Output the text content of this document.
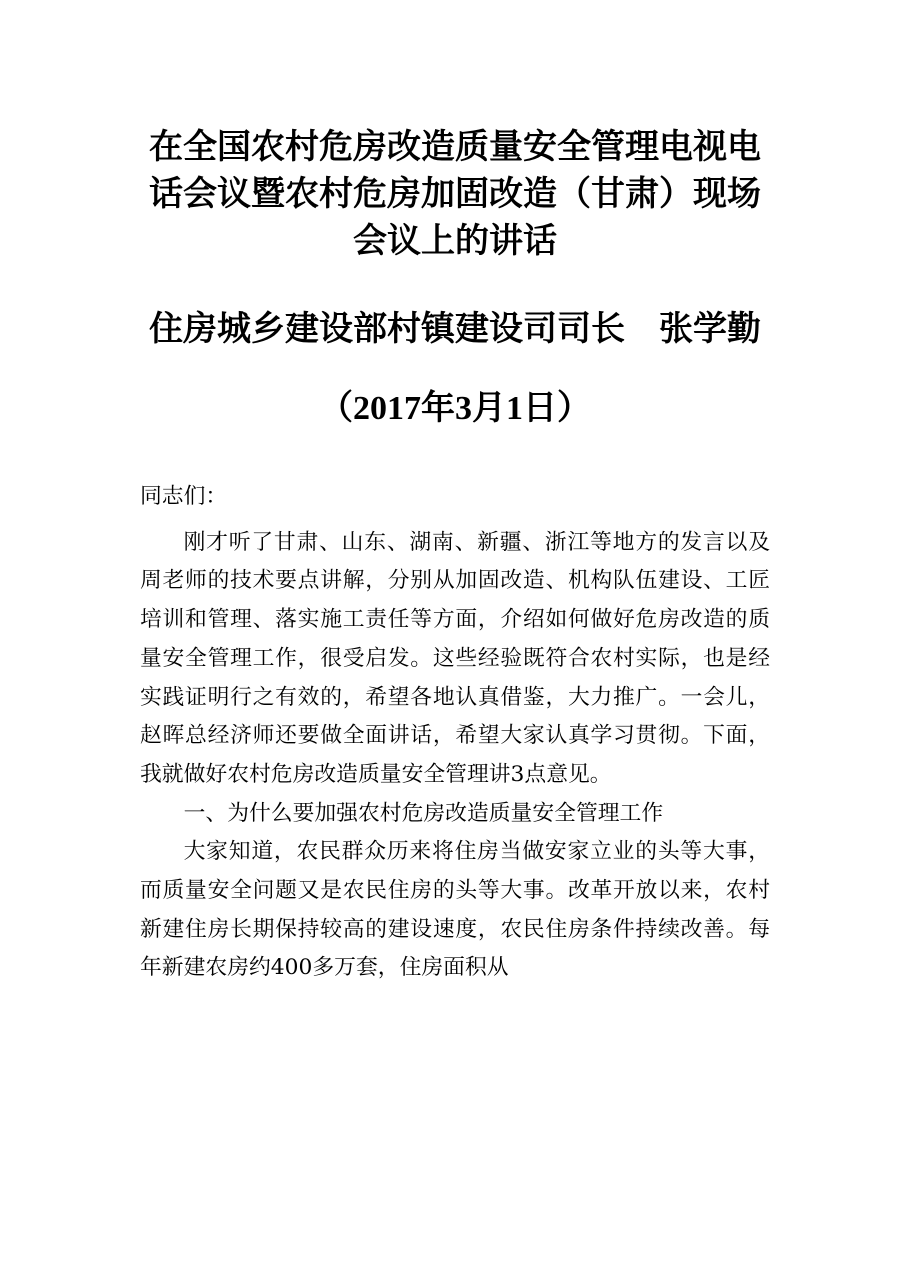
在全国农村危房改造质量安全管理电视电
话会议暨农村危房加固改造（甘肃）现场
会议上的讲话
住房城乡建设部村镇建设司司长　张学勤
（2017年3月1日）

同志们：

刚才听了甘肃、山东、湖南、新疆、浙江等地方的发言以及周老师的技术要点讲解，分别从加固改造、机构队伍建设、工匠培训和管理、落实施工责任等方面，介绍如何做好危房改造的质量安全管理工作，很受启发。这些经验既符合农村实际，也是经实践证明行之有效的，希望各地认真借鉴，大力推广。一会儿，赵晖总经济师还要做全面讲话，希望大家认真学习贯彻。下面，我就做好农村危房改造质量安全管理讲3点意见。

一、为什么要加强农村危房改造质量安全管理工作

大家知道，农民群众历来将住房当做安家立业的头等大事，而质量安全问题又是农民住房的头等大事。改革开放以来，农村新建住房长期保持较高的建设速度，农民住房条件持续改善。每年新建农房约400多万套，住房面积从
